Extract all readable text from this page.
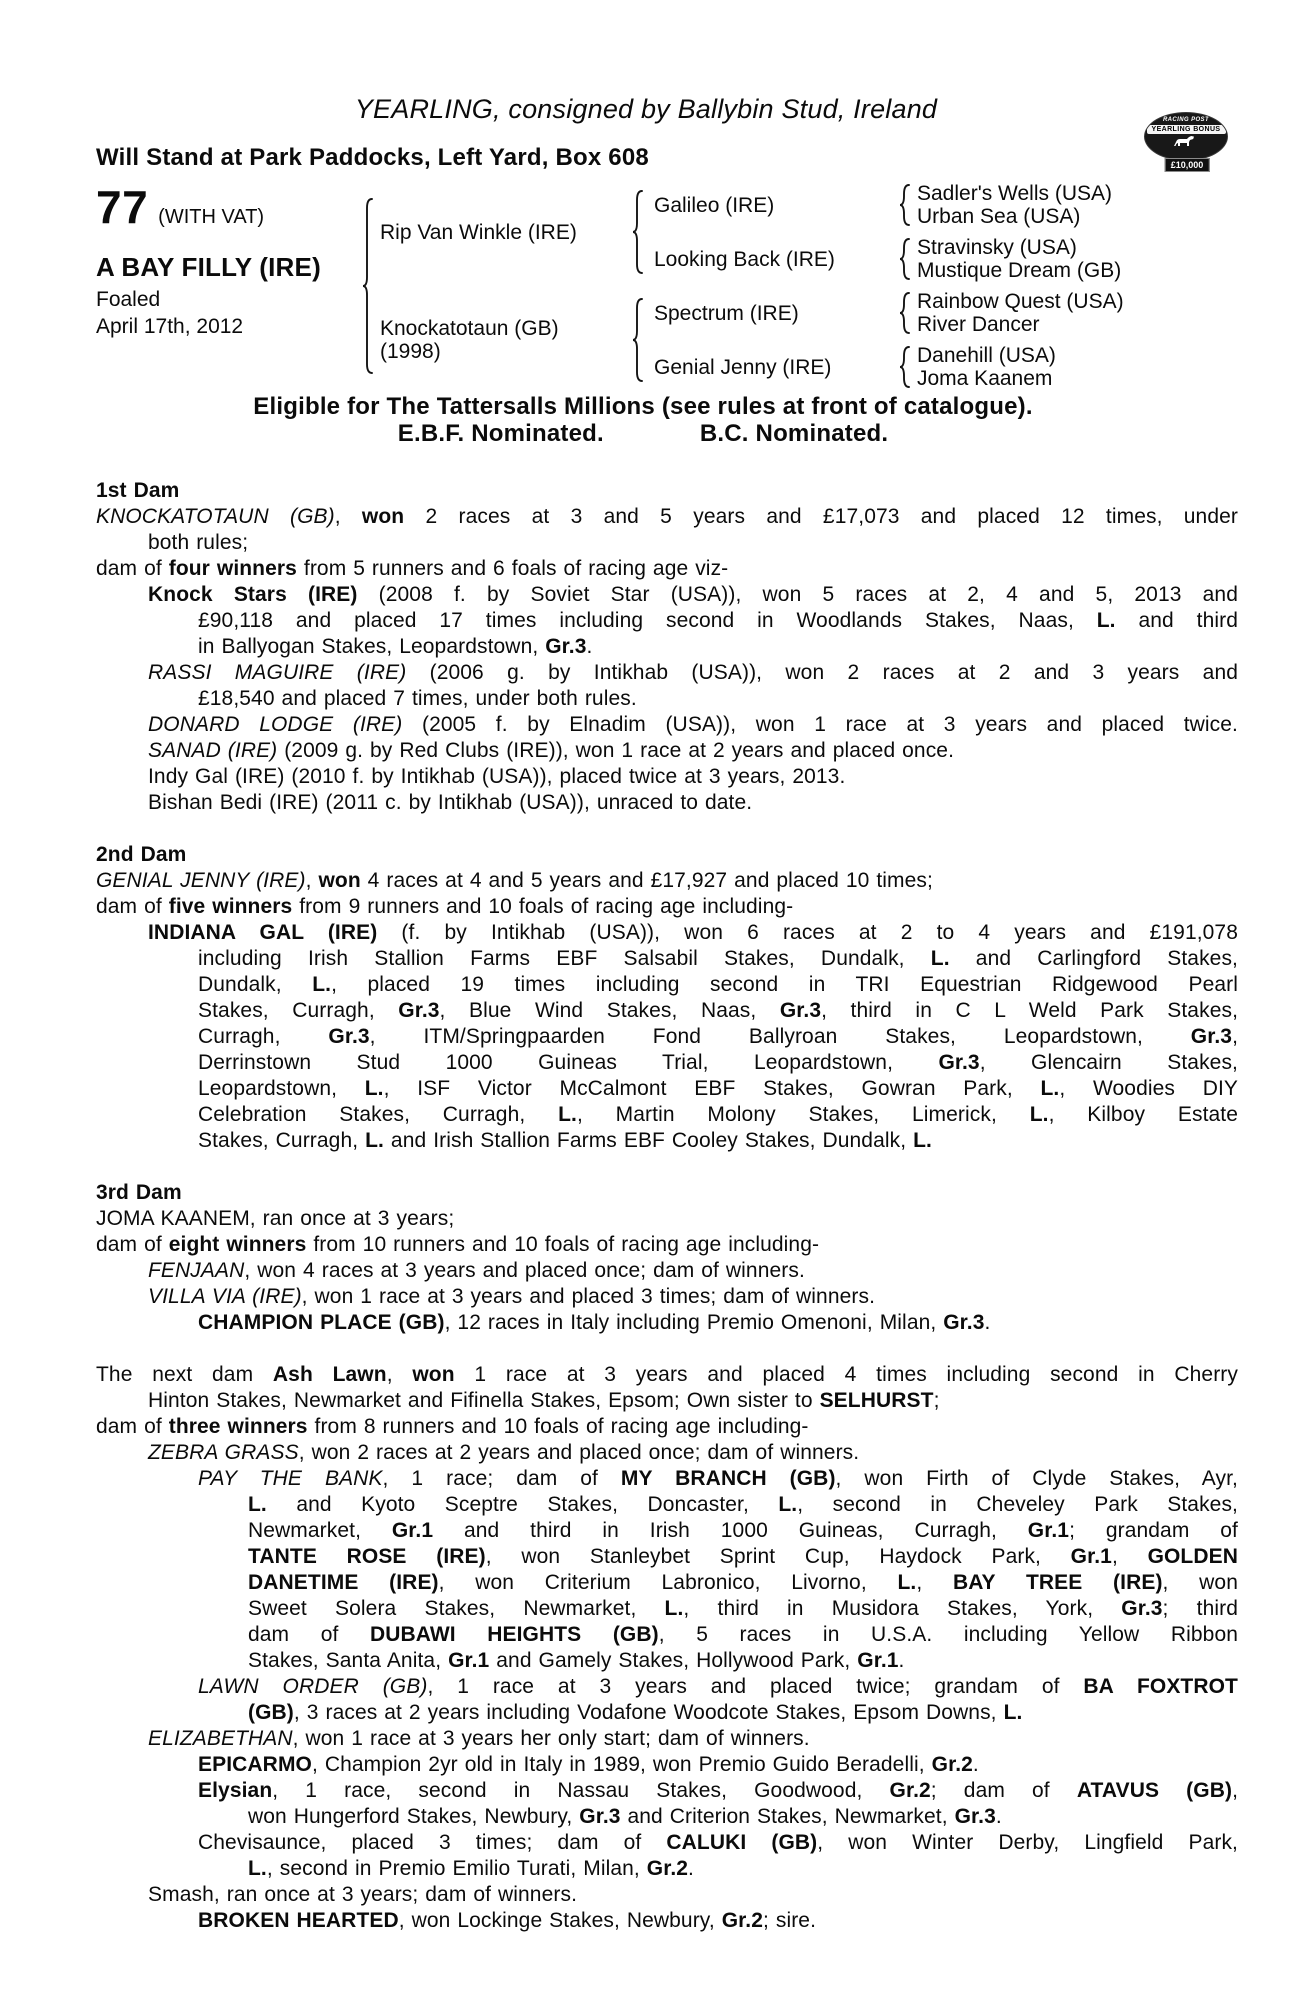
YEARLING, consigned by Ballybin Stud, Ireland
Will Stand at Park Paddocks, Left Yard, Box 608
77 (WITH VAT)
A BAY FILLY (IRE)
Foaled
April 17th, 2012
RACING POST
YEARLING BONUS
£10,000
Rip Van Winkle (IRE)
Knockatotaun (GB)
(1998)
Galileo (IRE)
Looking Back (IRE)
Spectrum (IRE)
Genial Jenny (IRE)
Sadler's Wells (USA)
Urban Sea (USA)
Stravinsky (USA)
Mustique Dream (GB)
Rainbow Quest (USA)
River Dancer
Danehill (USA)
Joma Kaanem
Eligible for The Tattersalls Millions (see rules at front of catalogue).
E.B.F. Nominated.	B.C. Nominated.
1st Dam
KNOCKATOTAUN (GB), won 2 races at 3 and 5 years and £17,073 and placed 12 times, under
both rules;
dam of four winners from 5 runners and 6 foals of racing age viz-
Knock Stars (IRE) (2008 f. by Soviet Star (USA)), won 5 races at 2, 4 and 5, 2013 and
£90,118 and placed 17 times including second in Woodlands Stakes, Naas, L. and third
in Ballyogan Stakes, Leopardstown, Gr.3.
RASSI MAGUIRE (IRE) (2006 g. by Intikhab (USA)), won 2 races at 2 and 3 years and
£18,540 and placed 7 times, under both rules.
DONARD LODGE (IRE) (2005 f. by Elnadim (USA)), won 1 race at 3 years and placed twice.
SANAD (IRE) (2009 g. by Red Clubs (IRE)), won 1 race at 2 years and placed once.
Indy Gal (IRE) (2010 f. by Intikhab (USA)), placed twice at 3 years, 2013.
Bishan Bedi (IRE) (2011 c. by Intikhab (USA)), unraced to date.
2nd Dam
GENIAL JENNY (IRE), won 4 races at 4 and 5 years and £17,927 and placed 10 times;
dam of five winners from 9 runners and 10 foals of racing age including-
INDIANA GAL (IRE) (f. by Intikhab (USA)), won 6 races at 2 to 4 years and £191,078
including Irish Stallion Farms EBF Salsabil Stakes, Dundalk, L. and Carlingford Stakes,
Dundalk, L., placed 19 times including second in TRI Equestrian Ridgewood Pearl
Stakes, Curragh, Gr.3, Blue Wind Stakes, Naas, Gr.3, third in C L Weld Park Stakes,
Curragh, Gr.3, ITM/Springpaarden Fond Ballyroan Stakes, Leopardstown, Gr.3,
Derrinstown Stud 1000 Guineas Trial, Leopardstown, Gr.3, Glencairn Stakes,
Leopardstown, L., ISF Victor McCalmont EBF Stakes, Gowran Park, L., Woodies DIY
Celebration Stakes, Curragh, L., Martin Molony Stakes, Limerick, L., Kilboy Estate
Stakes, Curragh, L. and Irish Stallion Farms EBF Cooley Stakes, Dundalk, L.
3rd Dam
JOMA KAANEM, ran once at 3 years;
dam of eight winners from 10 runners and 10 foals of racing age including-
FENJAAN, won 4 races at 3 years and placed once; dam of winners.
VILLA VIA (IRE), won 1 race at 3 years and placed 3 times; dam of winners.
CHAMPION PLACE (GB), 12 races in Italy including Premio Omenoni, Milan, Gr.3.
The next dam Ash Lawn, won 1 race at 3 years and placed 4 times including second in Cherry
Hinton Stakes, Newmarket and Fifinella Stakes, Epsom; Own sister to SELHURST;
dam of three winners from 8 runners and 10 foals of racing age including-
ZEBRA GRASS, won 2 races at 2 years and placed once; dam of winners.
PAY THE BANK, 1 race; dam of MY BRANCH (GB), won Firth of Clyde Stakes, Ayr,
L. and Kyoto Sceptre Stakes, Doncaster, L., second in Cheveley Park Stakes,
Newmarket, Gr.1 and third in Irish 1000 Guineas, Curragh, Gr.1; grandam of
TANTE ROSE (IRE), won Stanleybet Sprint Cup, Haydock Park, Gr.1, GOLDEN
DANETIME (IRE), won Criterium Labronico, Livorno, L., BAY TREE (IRE), won
Sweet Solera Stakes, Newmarket, L., third in Musidora Stakes, York, Gr.3; third
dam of DUBAWI HEIGHTS (GB), 5 races in U.S.A. including Yellow Ribbon
Stakes, Santa Anita, Gr.1 and Gamely Stakes, Hollywood Park, Gr.1.
LAWN ORDER (GB), 1 race at 3 years and placed twice; grandam of BA FOXTROT
(GB), 3 races at 2 years including Vodafone Woodcote Stakes, Epsom Downs, L.
ELIZABETHAN, won 1 race at 3 years her only start; dam of winners.
EPICARMO, Champion 2yr old in Italy in 1989, won Premio Guido Beradelli, Gr.2.
Elysian, 1 race, second in Nassau Stakes, Goodwood, Gr.2; dam of ATAVUS (GB),
won Hungerford Stakes, Newbury, Gr.3 and Criterion Stakes, Newmarket, Gr.3.
Chevisaunce, placed 3 times; dam of CALUKI (GB), won Winter Derby, Lingfield Park,
L., second in Premio Emilio Turati, Milan, Gr.2.
Smash, ran once at 3 years; dam of winners.
BROKEN HEARTED, won Lockinge Stakes, Newbury, Gr.2; sire.
